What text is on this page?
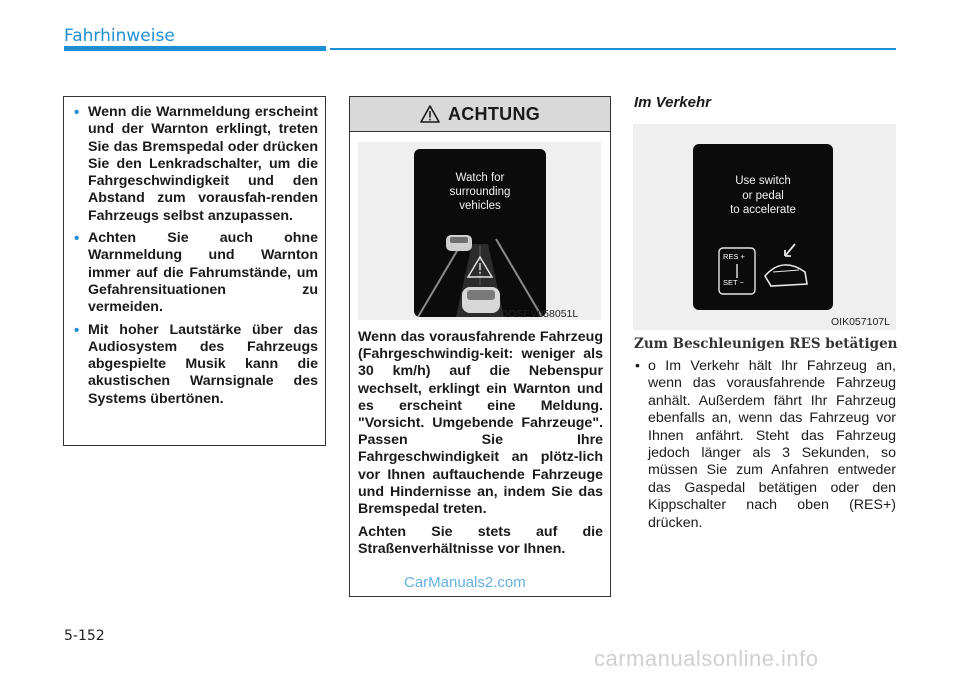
Fahrhinweise
• Wenn die Warnmeldung erscheint und der Warnton erklingt, treten Sie das Bremspedal oder drücken Sie den Lenkradschalter, um die Fahrgeschwindigkeit und den Abstand zum vorausfah-renden Fahrzeugs selbst anzupassen.
• Achten Sie auch ohne Warnmeldung und Warnton immer auf die Fahrumstände, um Gefahrensituationen zu vermeiden.
• Mit hoher Lautstärke über das Audiosystem des Fahrzeugs abgespielte Musik kann die akustischen Warnsignale des Systems übertönen.
ACHTUNG
Watch for
surrounding
vehicles
OOSEV058051L

Wenn das vorausfahrende Fahrzeug (Fahrgeschwindig-keit: weniger als 30 km/h) auf die Nebenspur wechselt, erklingt ein Warnton und es erscheint eine Meldung. "Vorsicht. Umgebende Fahrzeuge". Passen Sie Ihre Fahrgeschwindigkeit an plötz-lich vor Ihnen auftauchende Fahrzeuge und Hindernisse an, indem Sie das Bremspedal treten.

Achten Sie stets auf die Straßenverhältnisse vor Ihnen.

Im Verkehr
Use switch
or pedal
to accelerate
RES +
SET −
OIK057107L
Zum Beschleunigen RES betätigen
• o Im Verkehr hält Ihr Fahrzeug an, wenn das vorausfahrende Fahrzeug anhält. Außerdem fährt Ihr Fahrzeug ebenfalls an, wenn das Fahrzeug vor Ihnen anfährt. Steht das Fahrzeug jedoch länger als 3 Sekunden, so müssen Sie zum Anfahren entweder das Gaspedal betätigen oder den Kippschalter nach oben (RES+) drücken.
5-152
CarManuals2.com
carmanualsonline.info
